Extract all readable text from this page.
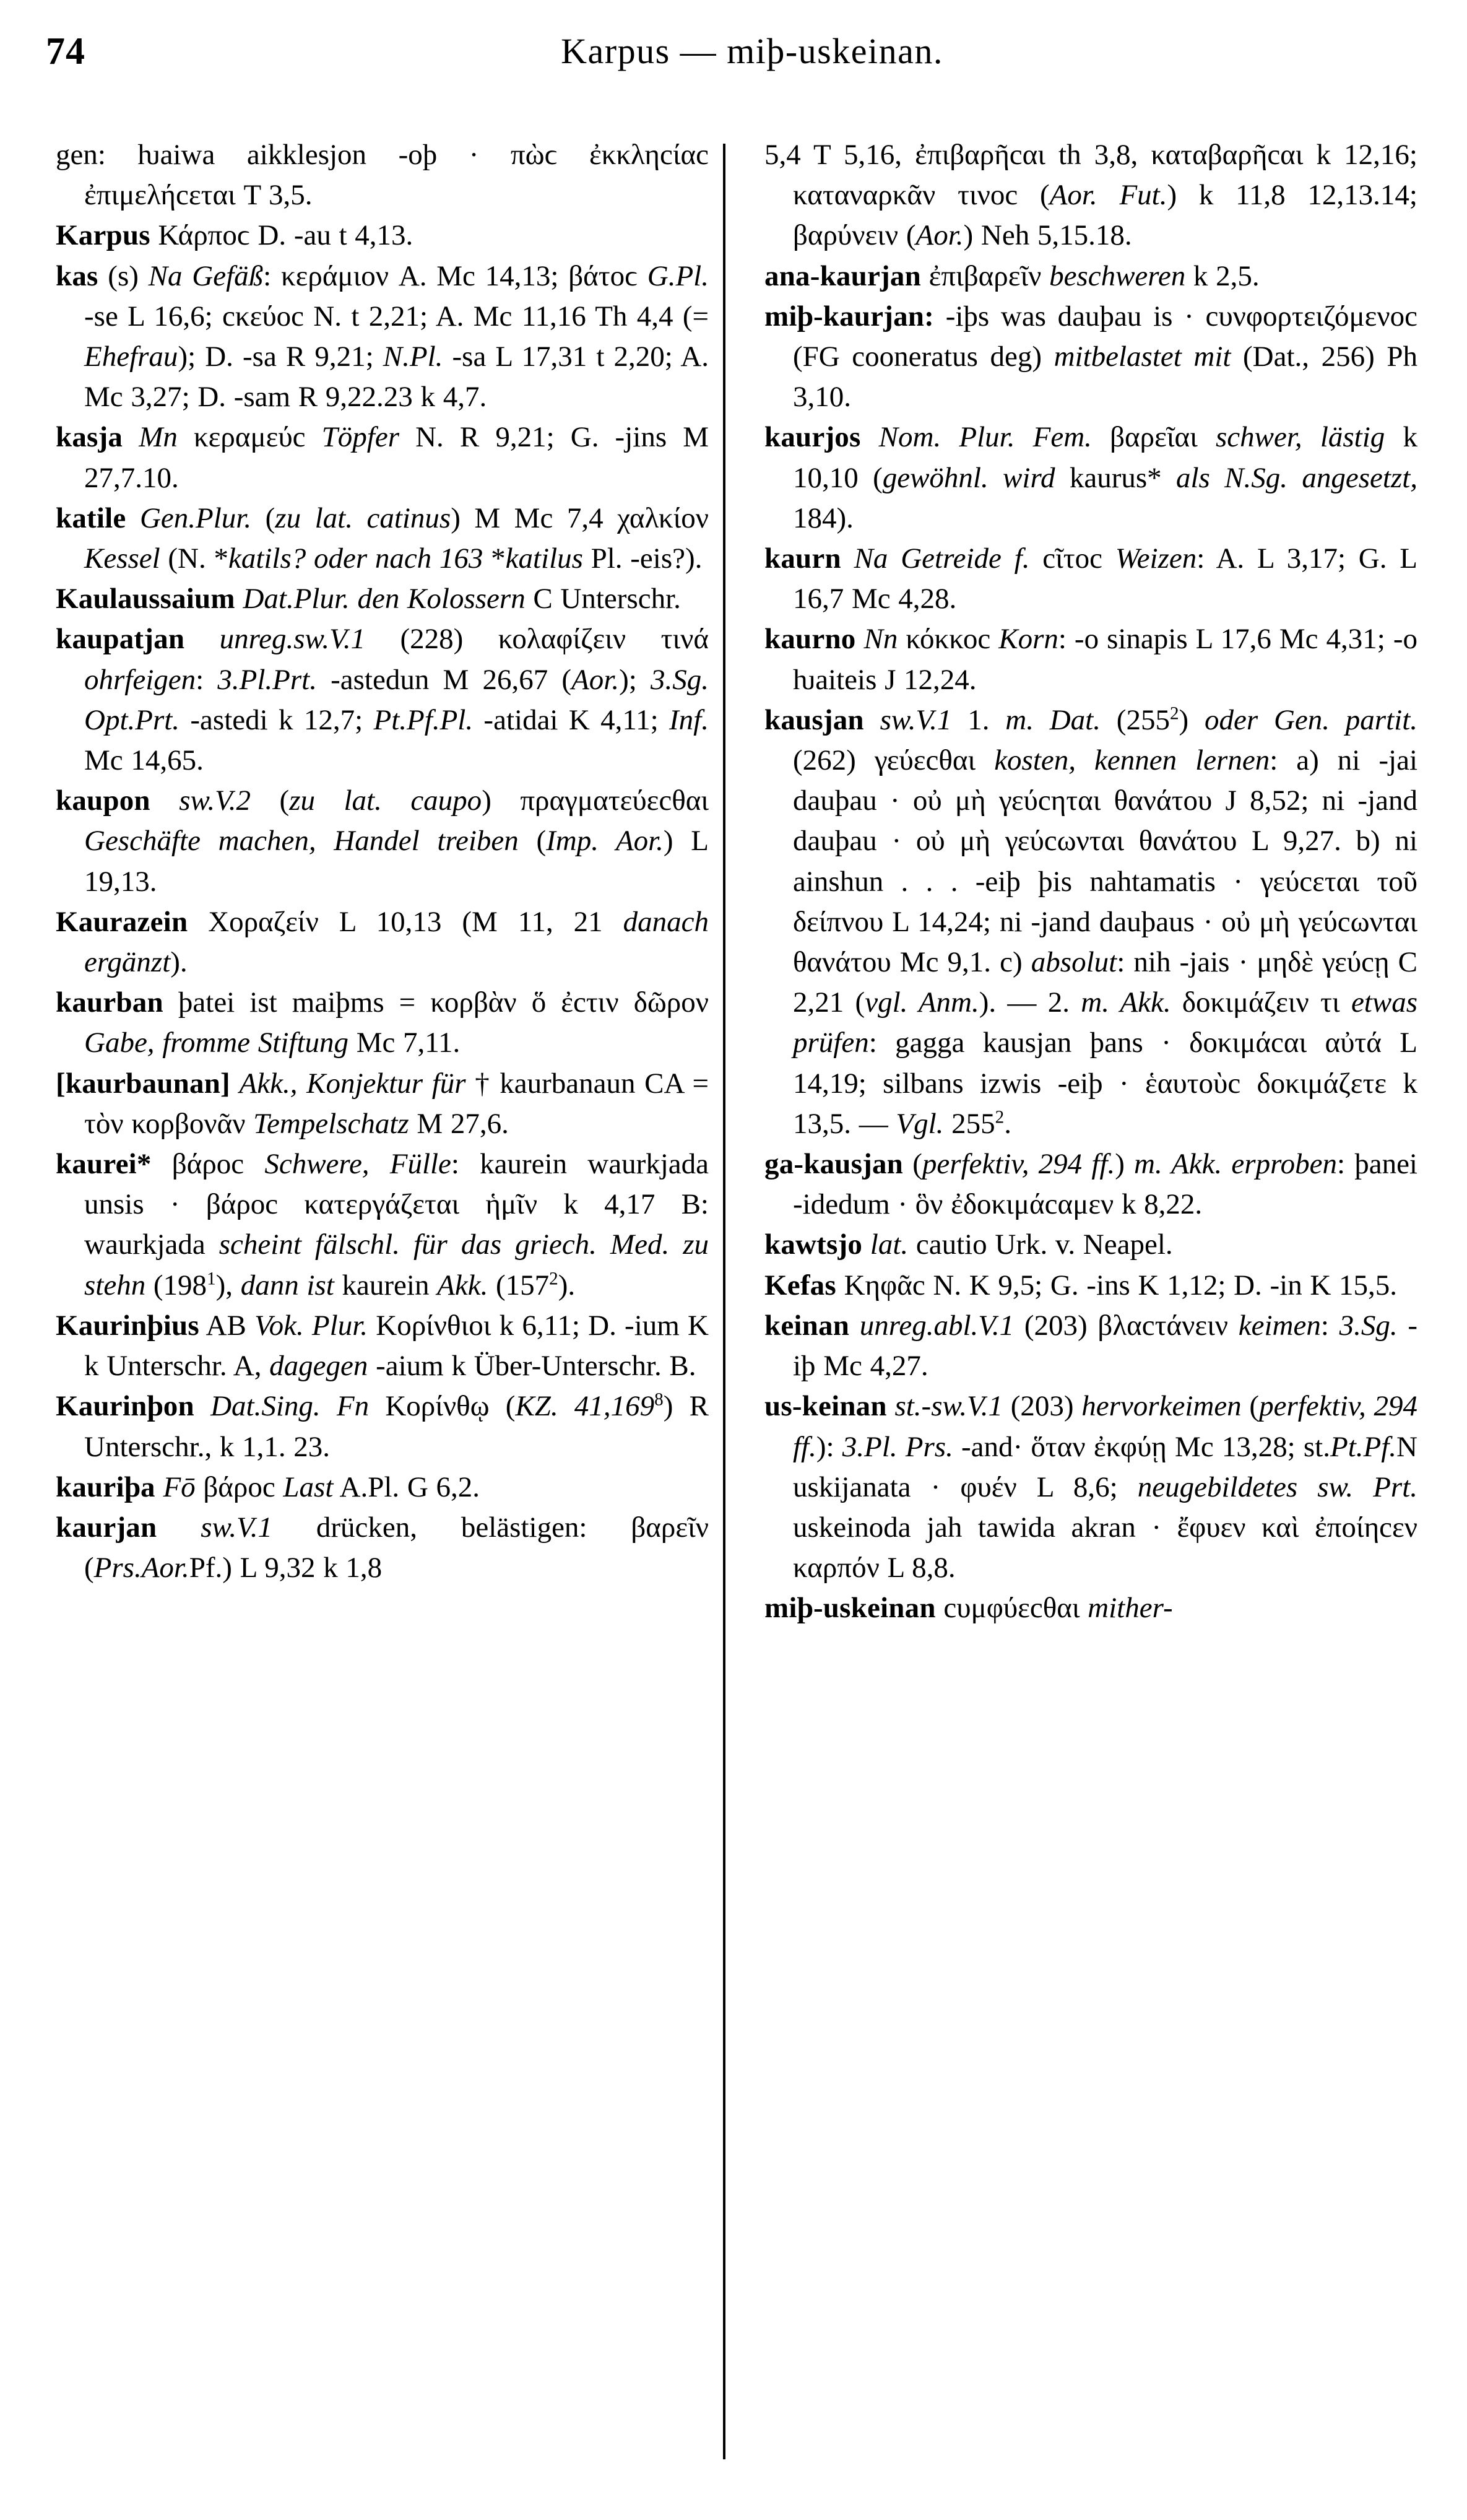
74	Karpus — miþ-uskeinan.

gen: ƕaiwa aikklesjon -oþ · πὼϲ ἐκκληcίαc ἐπιμελήcεται T 3,5.

Karpus Κάρποϲ D. -au t 4,13.

kas (s) Na Gefäß: κεράμιον A. Mc 14,13; βάτοϲ G.Pl. -se L 16,6; cκεύοc N. t 2,21; A. Mc 11,16 Th 4,4 (= Ehefrau); D. -sa R 9,21; N.Pl. -sa L 17,31 t 2,20; A. Mc 3,27; D. -sam R 9,22.23 k 4,7.

kasja Mn κεραμεύc Töpfer N. R 9,21; G. -jins M 27,7.10.

katile Gen.Plur. (zu lat. catinus) M Mc 7,4 χαλκίον Kessel (N. *katils? oder nach 163 *katilus Pl. -eis?).

Kaulaussaium Dat.Plur. den Kolossern C Unterschr.

kaupatjan unreg.sw.V.1 (228) κολαφίζειν τινά ohrfeigen: 3.Pl.Prt. -astedun M 26,67 (Aor.); 3.Sg. Opt.Prt. -astedi k 12,7; Pt.Pf.Pl. -atidai K 4,11; Inf. Mc 14,65.

kaupon sw.V.2 (zu lat. caupo) πραγματεύεcθαι Geschäfte machen, Handel treiben (Imp. Aor.) L 19,13.

Kaurazein Χοραζείν L 10,13 (M 11, 21 danach ergänzt).

kaurban þatei ist maiþms = κορβὰν ὅ ἐcτιν δῶρον Gabe, fromme Stiftung Mc 7,11.

[kaurbaunan] Akk., Konjektur für † kaurbanaun CA = τὸν κορβονᾶν Tempelschatz M 27,6.

kaurei* βάροc Schwere, Fülle: kaurein waurkjada unsis · βάροc κατεργάζεται ἡμῖν k 4,17 B: waurkjada scheint fälschl. für das griech. Med. zu stehn $(198^1)$, dann ist kaurein Akk. $(157^2)$.

Kaurinþius AB Vok. Plur. Κορίνθιοι k 6,11; D. -ium K k Unterschr. A, dagegen -aium k Über-Unterschr. B.

Kaurinþon Dat.Sing. Fn Κορίνθῳ (KZ. 41,169$^8$) R Unterschr., k 1,1. 23.

kauriþa Fō βάροc Last A.Pl. G 6,2.

kaurjan sw.V.1 drücken, belästigen: βαρεῖν (Prs.Aor.Pf.) L 9,32 k 1,8

5,4 T 5,16, ἐπιβαρῆcαι th 3,8, καταβαρῆcαι k 12,16; καταναρκᾶν τινοc (Aor. Fut.) k 11,8 12,13.14; βαρύνειν (Aor.) Neh 5,15.18.

ana-kaurjan ἐπιβαρεῖν beschweren k 2,5.

miþ-kaurjan: -iþs was dauþau is · cυνφορτειζόμενοc (FG cooneratus deg) mitbelastet mit (Dat., 256) Ph 3,10.

kaurjos Nom. Plur. Fem. βαρεῖαι schwer, lästig k 10,10 (gewöhnl. wird kaurus* als N.Sg. angesetzt, 184).

kaurn Na Getreide f. cῖτοc Weizen: A. L 3,17; G. L 16,7 Mc 4,28.

kaurno Nn κόκκοc Korn: -o sinapis L 17,6 Mc 4,31; -o ƕaiteis J 12,24.

kausjan sw.V.1 1. m. Dat. $(255^2)$ oder Gen. partit. (262) γεύεcθαι kosten, kennen lernen: a) ni -jai dauþau · οὐ μὴ γεύcηται θανάτου J 8,52; ni -jand dauþau · οὐ μὴ γεύcωνται θανάτου L 9,27. b) ni ainshun . . . -eiþ þis nahtamatis · γεύcεται τοῦ δείπνου L 14,24; ni -jand dauþaus · οὐ μὴ γεύcωνται θανάτου Mc 9,1. c) absolut: nih -jais · μηδὲ γεύcῃ C 2,21 (vgl. Anm.). — 2. m. Akk. δοκιμάζειν τι etwas prüfen: gagga kausjan þans · δοκιμάcαι αὐτά L 14,19; silbans izwis -eiþ · ἑαυτοὺc δοκιμάζετε k 13,5. — Vgl. $255^2$.

ga-kausjan (perfektiv, 294 ff.) m. Akk. erproben: þanei -idedum · ὃν ἐδοκιμάcαμεν k 8,22.

kawtsjo lat. cautio Urk. v. Neapel.

Kefas Κηφᾶc N. K 9,5; G. -ins K 1,12; D. -in K 15,5.

keinan unreg.abl.V.1 (203) βλαcτάνειν keimen: 3.Sg. -iþ Mc 4,27.

us-keinan st.-sw.V.1 (203) hervorkeimen (perfektiv, 294 ff.): 3.Pl. Prs. -and· ὅταν ἐκφύῃ Mc 13,28; st.Pt.Pf.N uskijanata · φυέν L 8,6; neugebildetes sw. Prt. uskeinoda jah tawida akran · ἔφυεν καὶ ἐποίηcεν καρπόν L 8,8.

miþ-uskeinan cυμφύεcθαι mither-
